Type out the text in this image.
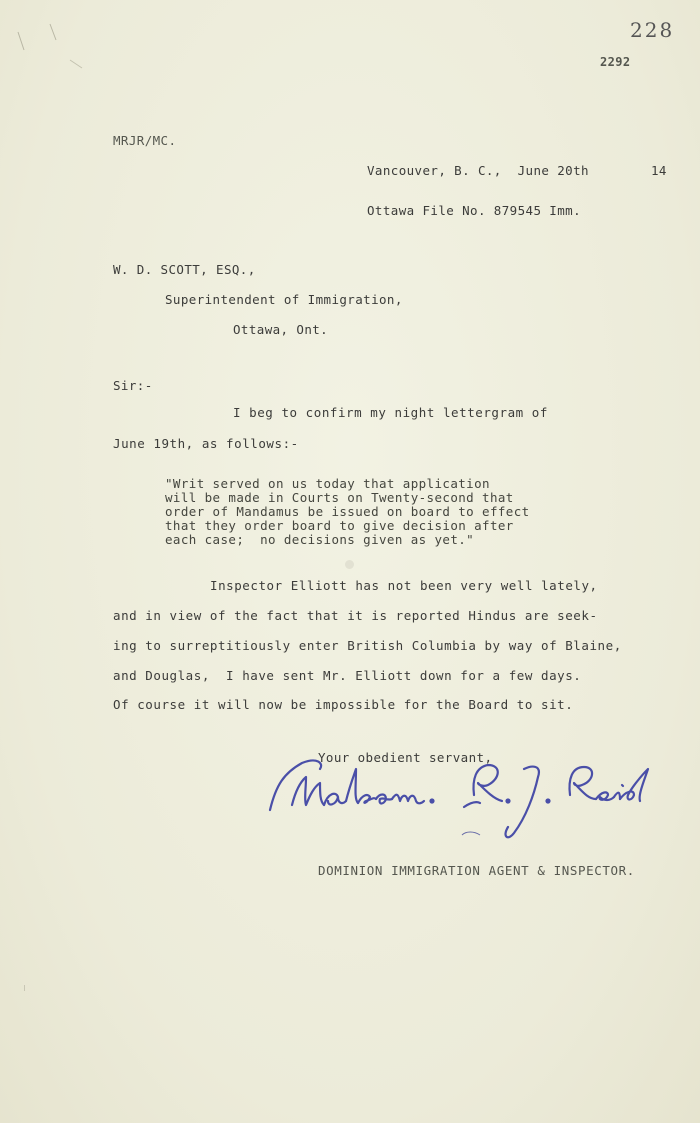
228
2292
MRJR/MC.
Vancouver, B. C.,  June 20th	14
Ottawa File No. 879545 Imm.
W. D. SCOTT, ESQ.,
Superintendent of Immigration,
Ottawa, Ont.
Sir:-
I beg to confirm my night lettergram of
June 19th, as follows:-
"Writ served on us today that application
will be made in Courts on Twenty-second that
order of Mandamus be issued on board to effect
that they order board to give decision after
each case;  no decisions given as yet."
Inspector Elliott has not been very well lately,
and in view of the fact that it is reported Hindus are seek-
ing to surreptitiously enter British Columbia by way of Blaine,
and Douglas,  I have sent Mr. Elliott down for a few days.
Of course it will now be impossible for the Board to sit.
Your obedient servant,
DOMINION IMMIGRATION AGENT & INSPECTOR.
